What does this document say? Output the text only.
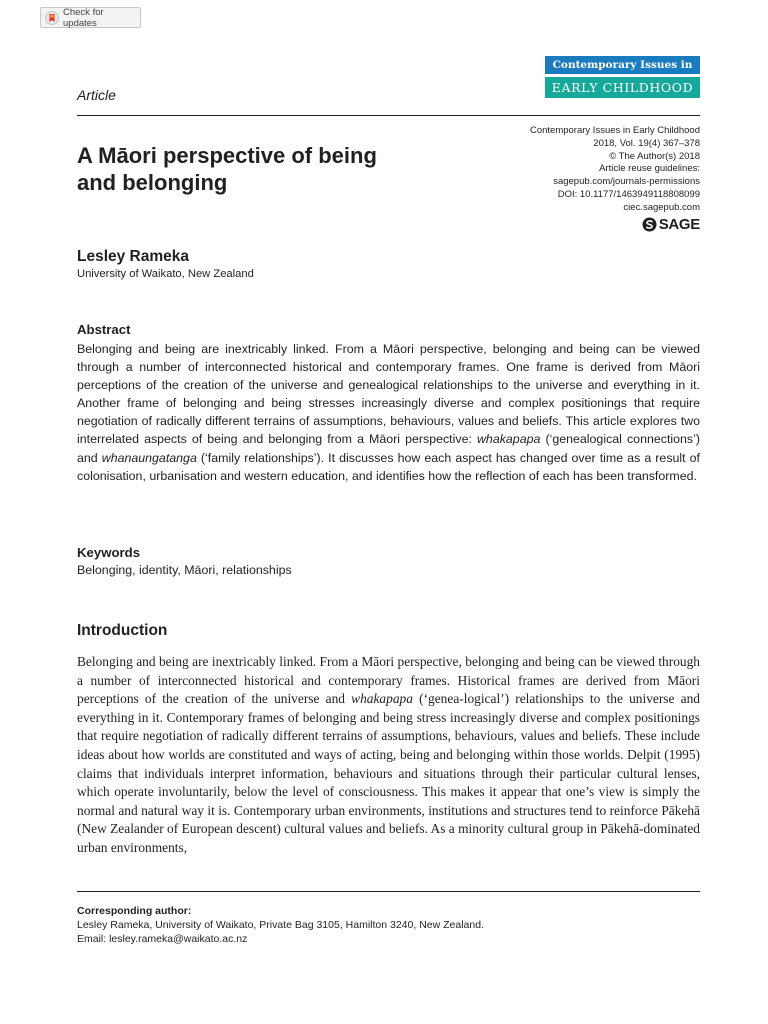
Check for updates
Contemporary Issues in
EARLY CHILDHOOD
Article
Contemporary Issues in Early Childhood
2018, Vol. 19(4) 367–378
© The Author(s) 2018
Article reuse guidelines:
sagepub.com/journals-permissions
DOI: 10.1177/1463949118808099
ciec.sagepub.com
SAGE
A Māori perspective of being and belonging
Lesley Rameka
University of Waikato, New Zealand
Abstract

Belonging and being are inextricably linked. From a Māori perspective, belonging and being can be viewed through a number of interconnected historical and contemporary frames. One frame is derived from Māori perceptions of the creation of the universe and genealogical relationships to the universe and everything in it. Another frame of belonging and being stresses increasingly diverse and complex positionings that require negotiation of radically different terrains of assumptions, behaviours, values and beliefs. This article explores two interrelated aspects of being and belonging from a Māori perspective: whakapapa (‘genealogical connections’) and whanaungatanga (‘family relationships’). It discusses how each aspect has changed over time as a result of colonisation, urbanisation and western education, and identifies how the reflection of each has been transformed.

Keywords
Belonging, identity, Māori, relationships
Introduction

Belonging and being are inextricably linked. From a Māori perspective, belonging and being can be viewed through a number of interconnected historical and contemporary frames. Historical frames are derived from Māori perceptions of the creation of the universe and whakapapa (‘genea-logical’) relationships to the universe and everything in it. Contemporary frames of belonging and being stress increasingly diverse and complex positionings that require negotiation of radically different terrains of assumptions, behaviours, values and beliefs. These include ideas about how worlds are constituted and ways of acting, being and belonging within those worlds. Delpit (1995) claims that individuals interpret information, behaviours and situations through their particular cultural lenses, which operate involuntarily, below the level of consciousness. This makes it appear that one’s view is simply the normal and natural way it is. Contemporary urban environments, institutions and structures tend to reinforce Pākehā (New Zealander of European descent) cultural values and beliefs. As a minority cultural group in Pākehā-dominated urban environments,

Corresponding author:
Lesley Rameka, University of Waikato, Private Bag 3105, Hamilton 3240, New Zealand.
Email: lesley.rameka@waikato.ac.nz
